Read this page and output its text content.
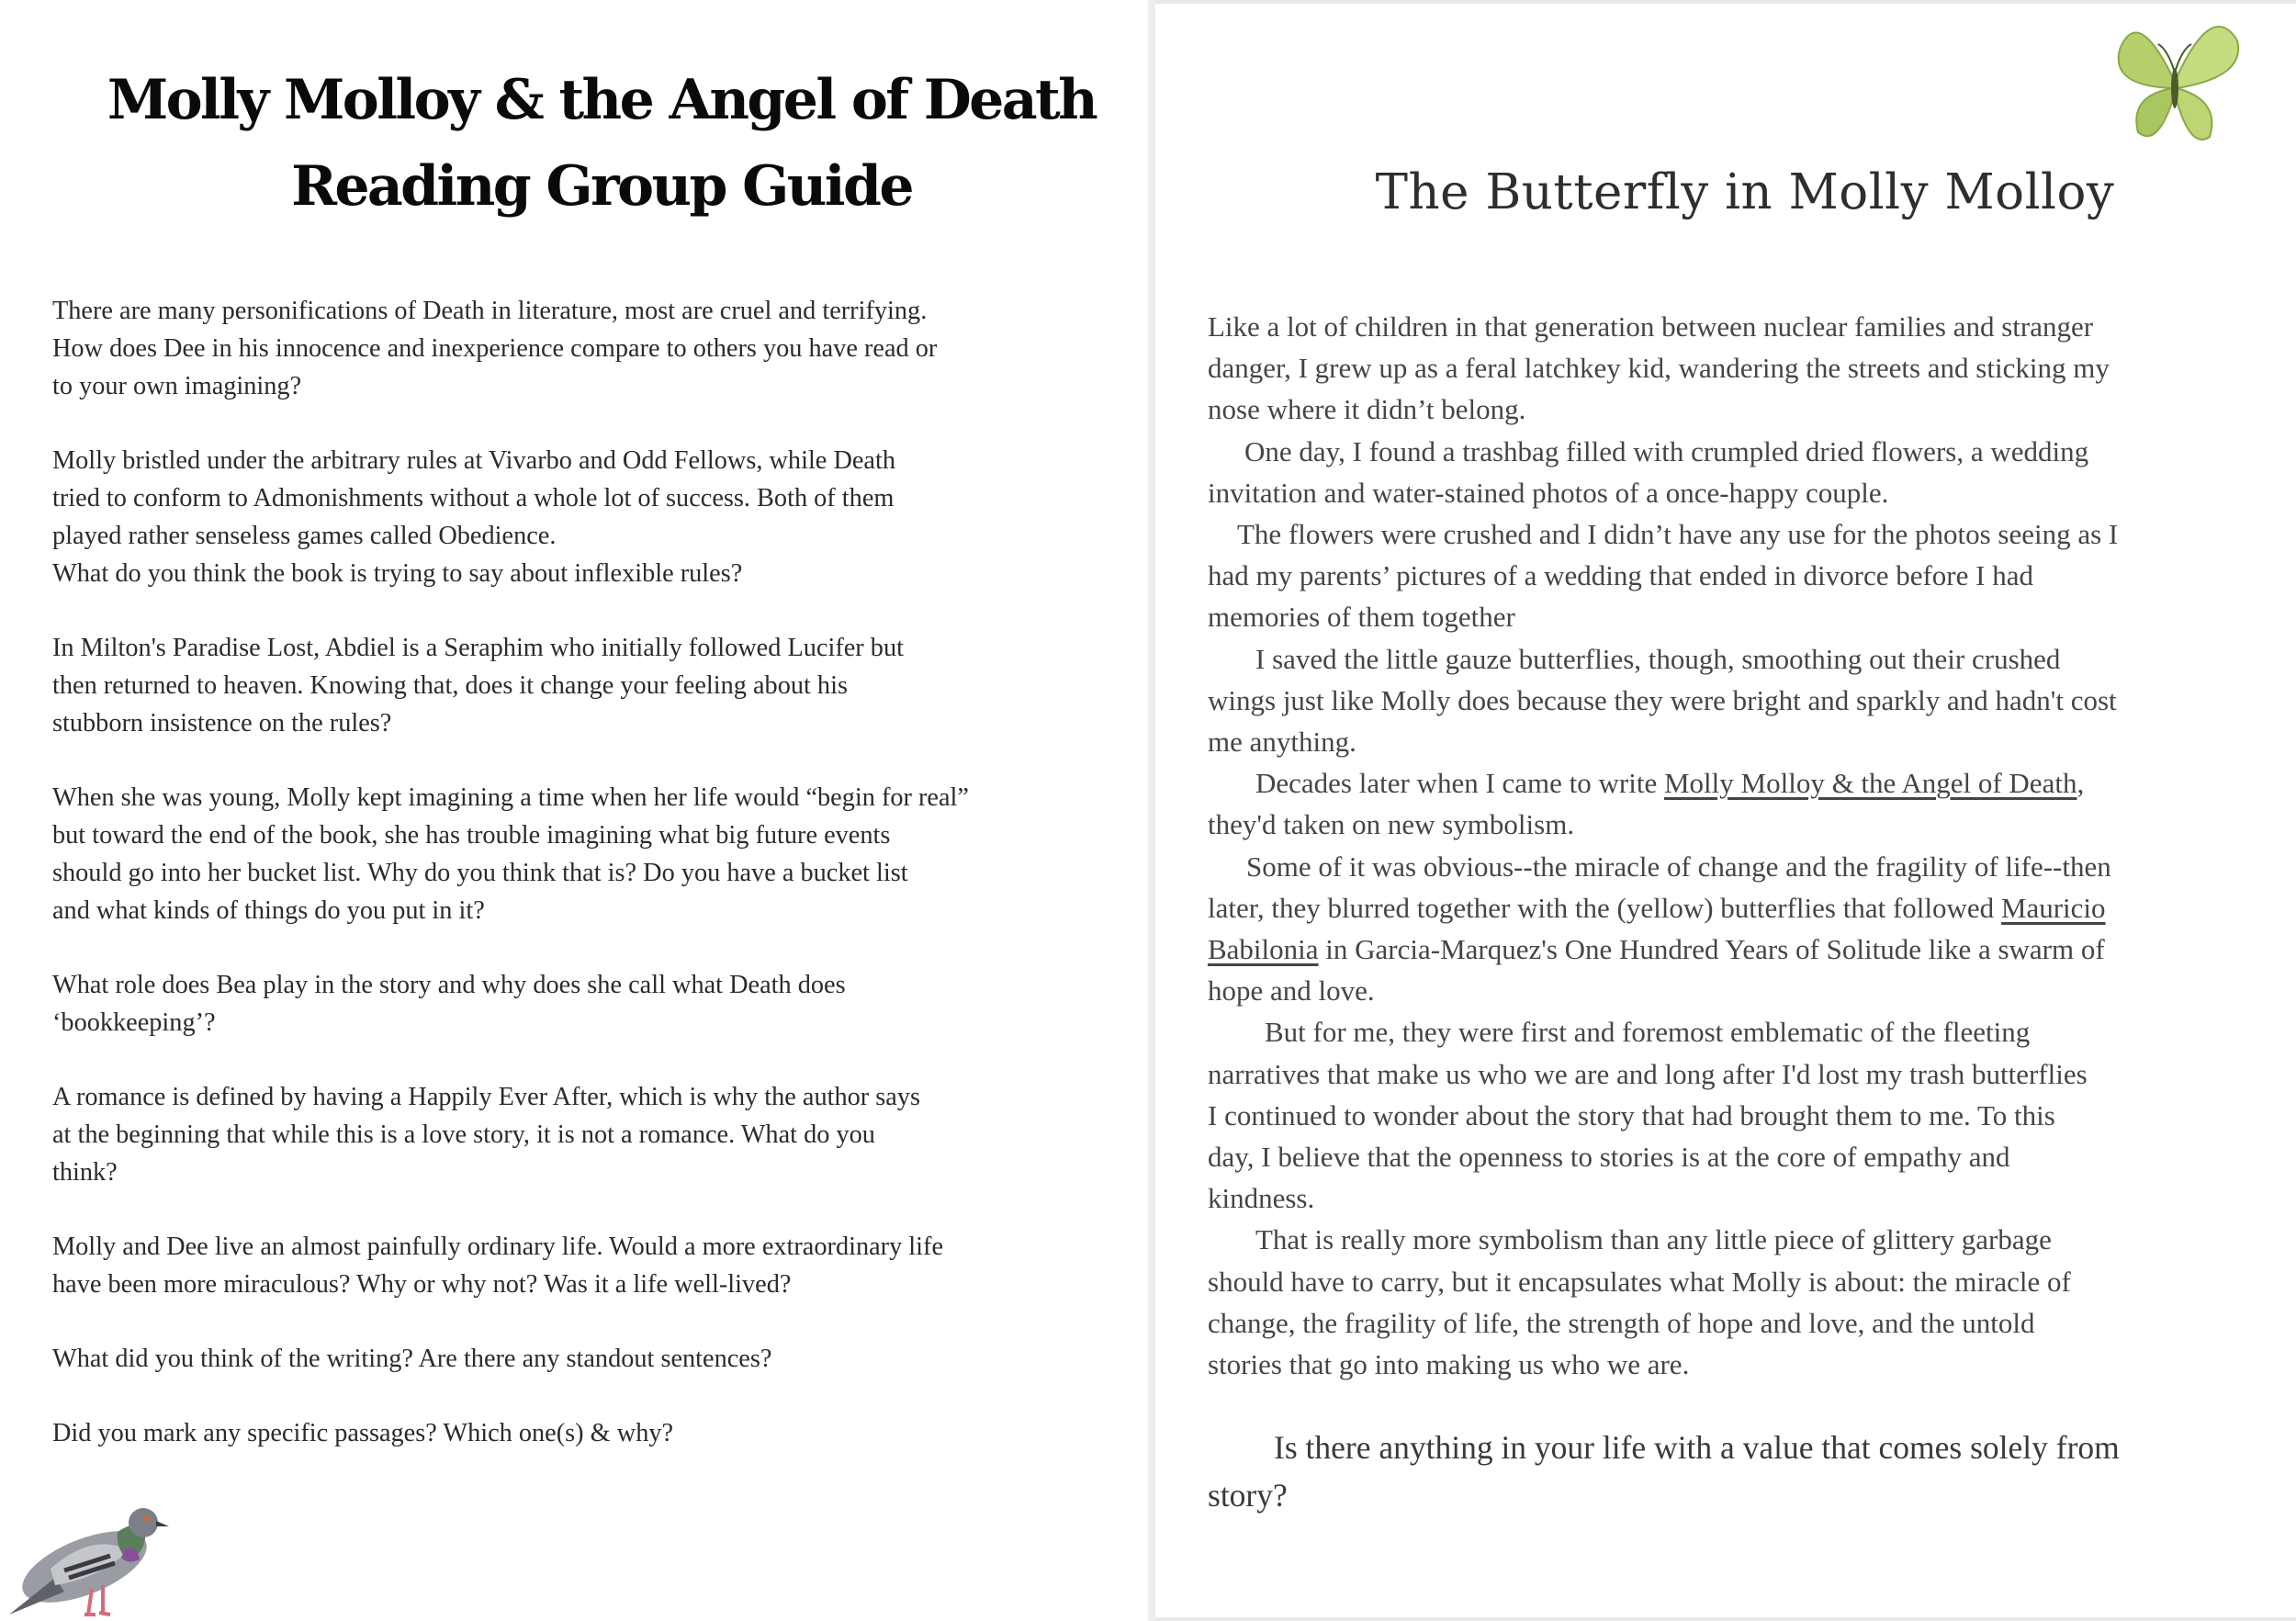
Molly Molloy & the Angel of Death
Reading Group Guide

There are many personifications of Death in literature, most are cruel and terrifying.
How does Dee in his innocence and inexperience compare to others you have read or
to your own imagining?

Molly bristled under the arbitrary rules at Vivarbo and Odd Fellows, while Death
tried to conform to Admonishments without a whole lot of success. Both of them
played rather senseless games called Obedience.
What do you think the book is trying to say about inflexible rules?

In Milton's Paradise Lost, Abdiel is a Seraphim who initially followed Lucifer but
then returned to heaven. Knowing that, does it change your feeling about his
stubborn insistence on the rules?

When she was young, Molly kept imagining a time when her life would “begin for real”
but toward the end of the book, she has trouble imagining what big future events
should go into her bucket list. Why do you think that is? Do you have a bucket list
and what kinds of things do you put in it?

What role does Bea play in the story and why does she call what Death does
‘bookkeeping’?

A romance is defined by having a Happily Ever After, which is why the author says
at the beginning that while this is a love story, it is not a romance. What do you
think?

Molly and Dee live an almost painfully ordinary life. Would a more extraordinary life
have been more miraculous? Why or why not? Was it a life well-lived?

What did you think of the writing? Are there any standout sentences?

Did you mark any specific passages? Which one(s) & why?

The Butterfly in Molly Molloy
Like a lot of children in that generation between nuclear families and stranger
danger, I grew up as a feral latchkey kid, wandering the streets and sticking my
nose where it didn’t belong.
One day, I found a trashbag filled with crumpled dried flowers, a wedding
invitation and water-stained photos of a once-happy couple.
The flowers were crushed and I didn’t have any use for the photos seeing as I
had my parents’ pictures of a wedding that ended in divorce before I had
memories of them together
I saved the little gauze butterflies, though, smoothing out their crushed
wings just like Molly does because they were bright and sparkly and hadn't cost
me anything.
Decades later when I came to write Molly Molloy & the Angel of Death,
they'd taken on new symbolism.
Some of it was obvious--the miracle of change and the fragility of life--then
later, they blurred together with the (yellow) butterflies that followed Mauricio
Babilonia in Garcia-Marquez's One Hundred Years of Solitude like a swarm of
hope and love.
But for me, they were first and foremost emblematic of the fleeting
narratives that make us who we are and long after I'd lost my trash butterflies
I continued to wonder about the story that had brought them to me. To this
day, I believe that the openness to stories is at the core of empathy and
kindness.
That is really more symbolism than any little piece of glittery garbage
should have to carry, but it encapsulates what Molly is about: the miracle of
change, the fragility of life, the strength of hope and love, and the untold
stories that go into making us who we are.
Is there anything in your life with a value that comes solely from
story?
